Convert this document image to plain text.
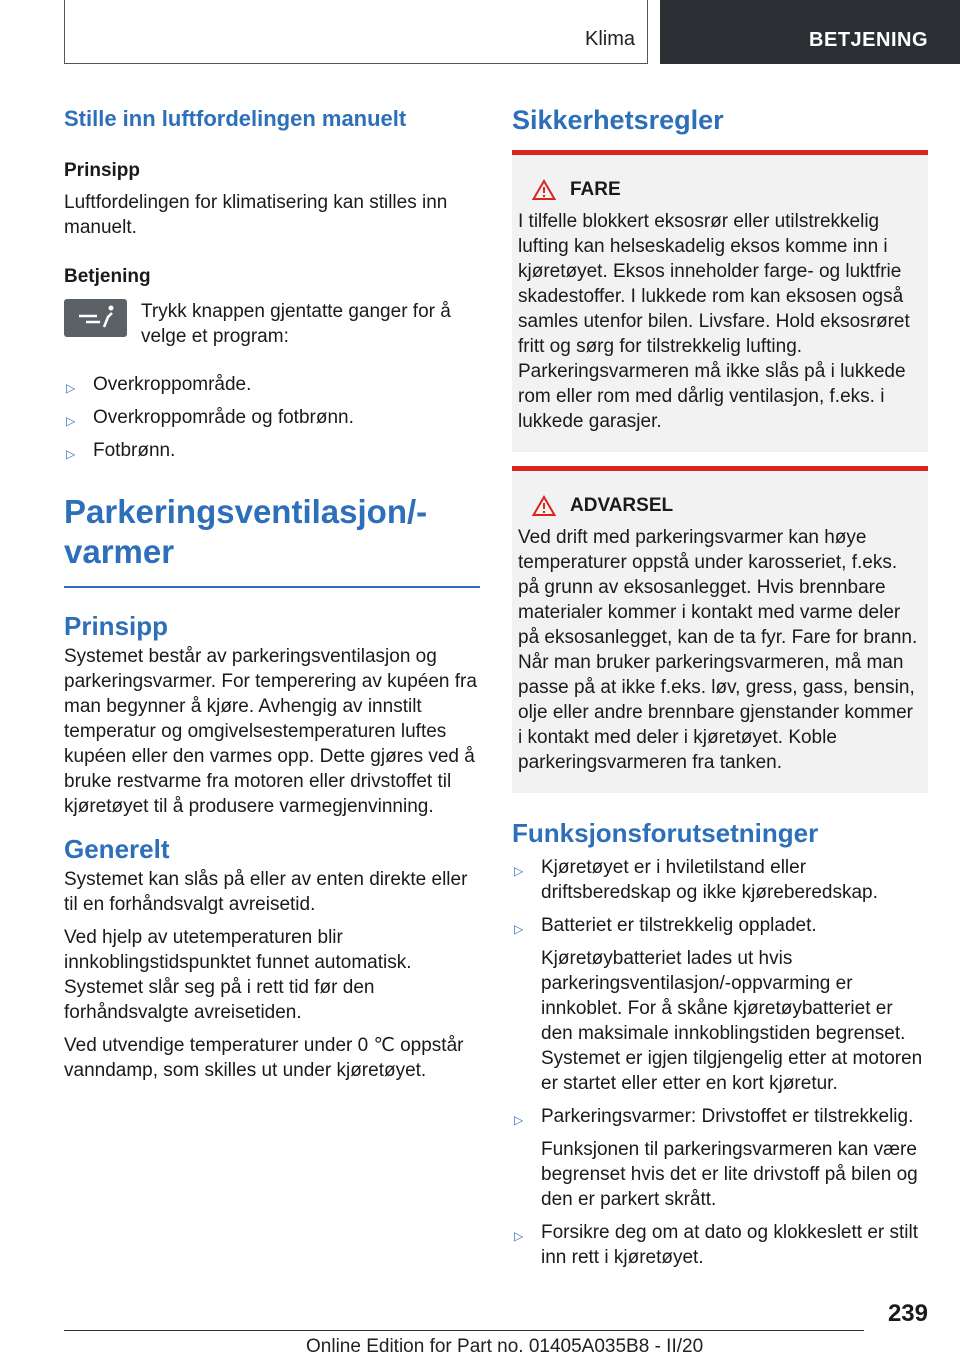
Klima	BETJENING
Stille inn luftfordelingen manuelt
Prinsipp

Luftfordelingen for klimatisering kan stilles inn manuelt.

Betjening

Trykk knappen gjentatte ganger for å velge et program:

▷ Overkroppområde.
▷ Overkroppområde og fotbrønn.
▷ Fotbrønn.
Parkeringsventilasjon/-varmer
Prinsipp

Systemet består av parkeringsventilasjon og parkeringsvarmer. For temperering av kupéen fra man begynner å kjøre. Avhengig av innstilt temperatur og omgivelsestemperaturen luftes kupéen eller den varmes opp. Dette gjøres ved å bruke restvarme fra motoren eller drivstoffet til kjøretøyet til å produsere varmegjenvinning.

Generelt

Systemet kan slås på eller av enten direkte eller til en forhåndsvalgt avreisetid.

Ved hjelp av utetemperaturen blir innkoblingstidspunktet funnet automatisk. Systemet slår seg på i rett tid før den forhåndsvalgte avreisetiden.

Ved utvendige temperaturer under 0 ℃ oppstår vanndamp, som skilles ut under kjøretøyet.

Sikkerhetsregler
FARE

I tilfelle blokkert eksosrør eller utilstrekkelig lufting kan helseskadelig eksos komme inn i kjøretøyet. Eksos inneholder farge- og luktfrie skadestoffer. I lukkede rom kan eksosen også samles utenfor bilen. Livsfare. Hold eksosrøret fritt og sørg for tilstrekkelig lufting. Parkeringsvarmeren må ikke slås på i lukkede rom eller rom med dårlig ventilasjon, f.eks. i lukkede garasjer.

ADVARSEL

Ved drift med parkeringsvarmer kan høye temperaturer oppstå under karosseriet, f.eks. på grunn av eksosanlegget. Hvis brennbare materialer kommer i kontakt med varme deler på eksosanlegget, kan de ta fyr. Fare for brann. Når man bruker parkeringsvarmeren, må man passe på at ikke f.eks. løv, gress, gass, bensin, olje eller andre brennbare gjenstander kommer i kontakt med deler i kjøretøyet. Koble parkeringsvarmeren fra tanken.

Funksjonsforutsetninger
▷ Kjøretøyet er i hviletilstand eller driftsberedskap og ikke kjøreberedskap.
▷ Batteriet er tilstrekkelig oppladet.

Kjøretøybatteriet lades ut hvis parkeringsventilasjon/-oppvarming er innkoblet. For å skåne kjøretøybatteriet er den maksimale innkoblingstiden begrenset. Systemet er igjen tilgjengelig etter at motoren er startet eller etter en kort kjøretur.

▷ Parkeringsvarmer: Drivstoffet er tilstrekkelig.

Funksjonen til parkeringsvarmeren kan være begrenset hvis det er lite drivstoff på bilen og den er parkert skrått.

▷ Forsikre deg om at dato og klokkeslett er stilt inn rett i kjøretøyet.
239
Online Edition for Part no. 01405A035B8 - II/20
